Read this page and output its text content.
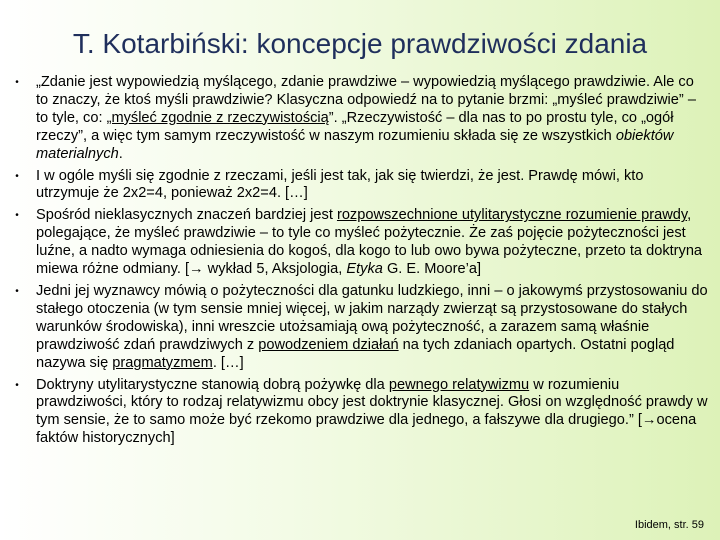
T. Kotarbiński: koncepcje prawdziwości zdania
•	„Zdanie jest wypowiedzią myślącego, zdanie prawdziwe – wypowiedzią myślącego prawdziwie. Ale co to znaczy, że ktoś myśli prawdziwie? Klasyczna odpowiedź na to pytanie brzmi: „myśleć prawdziwie” – to tyle, co: „myśleć zgodnie z rzeczywistością”. „Rzeczywistość – dla nas to po prostu tyle, co „ogół rzeczy”, a więc tym samym rzeczywistość w naszym rozumieniu składa się ze wszystkich obiektów materialnych.
•	I w ogóle myśli się zgodnie z rzeczami, jeśli jest tak, jak się twierdzi, że jest. Prawdę mówi, kto utrzymuje że 2x2=4, ponieważ 2x2=4. […]
•	Spośród nieklasycznych znaczeń bardziej jest rozpowszechnione utylitarystyczne rozumienie prawdy, polegające, że myśleć prawdziwie – to tyle co myśleć pożytecznie. Że zaś pojęcie pożyteczności jest luźne, a nadto wymaga odniesienia do kogoś, dla kogo to lub owo bywa pożyteczne, przeto ta doktryna miewa różne odmiany. [→ wykład 5, Aksjologia, Etyka G. E. Moore’a]
•	Jedni jej wyznawcy mówią o pożyteczności dla gatunku ludzkiego, inni – o jakowymś przystosowaniu do stałego otoczenia (w tym sensie mniej więcej, w jakim narządy zwierząt są przystosowane do stałych warunków środowiska), inni wreszcie utożsamiają ową pożyteczność, a zarazem samą właśnie prawdziwość zdań prawdziwych z powodzeniem działań na tych zdaniach opartych. Ostatni pogląd nazywa się pragmatyzmem. […]
•	Doktryny utylitarystyczne stanowią dobrą pożywkę dla pewnego relatywizmu w rozumieniu prawdziwości, który to rodzaj relatywizmu obcy jest doktrynie klasycznej. Głosi on względność prawdy w tym sensie, że to samo może być rzekomo prawdziwe dla jednego, a fałszywe dla drugiego.” [→ocena faktów historycznych]
Ibidem, str. 59
